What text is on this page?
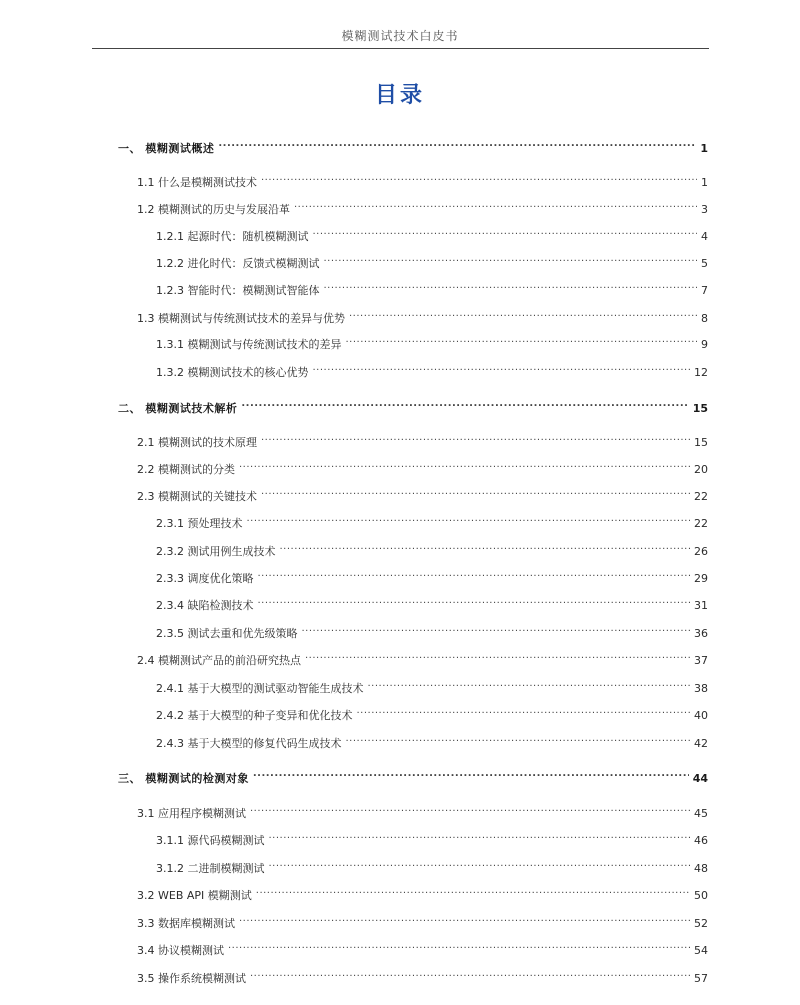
模糊测试技术白皮书
目录
一、 模糊测试概述 .....	1
1.1 什么是模糊测试技术 .....	1
1.2 模糊测试的历史与发展沿革 .....	3
1.2.1 起源时代：随机模糊测试 .....	4
1.2.2 进化时代：反馈式模糊测试 .....	5
1.2.3 智能时代：模糊测试智能体 .....	7
1.3 模糊测试与传统测试技术的差异与优势 .....	8
1.3.1 模糊测试与传统测试技术的差异 .....	9
1.3.2 模糊测试技术的核心优势 .....	12
二、 模糊测试技术解析 .....	15
2.1 模糊测试的技术原理 .....	15
2.2 模糊测试的分类 .....	20
2.3 模糊测试的关键技术 .....	22
2.3.1 预处理技术 .....	22
2.3.2 测试用例生成技术 .....	26
2.3.3 调度优化策略 .....	29
2.3.4 缺陷检测技术 .....	31
2.3.5 测试去重和优先级策略 .....	36
2.4 模糊测试产品的前沿研究热点 .....	37
2.4.1 基于大模型的测试驱动智能生成技术 .....	38
2.4.2 基于大模型的种子变异和优化技术 .....	40
2.4.3 基于大模型的修复代码生成技术 .....	42
三、 模糊测试的检测对象 .....	44
3.1 应用程序模糊测试 .....	45
3.1.1 源代码模糊测试 .....	46
3.1.2 二进制模糊测试 .....	48
3.2 WEB API 模糊测试 .....	50
3.3 数据库模糊测试 .....	52
3.4 协议模糊测试 .....	54
3.5 操作系统模糊测试 .....	57
